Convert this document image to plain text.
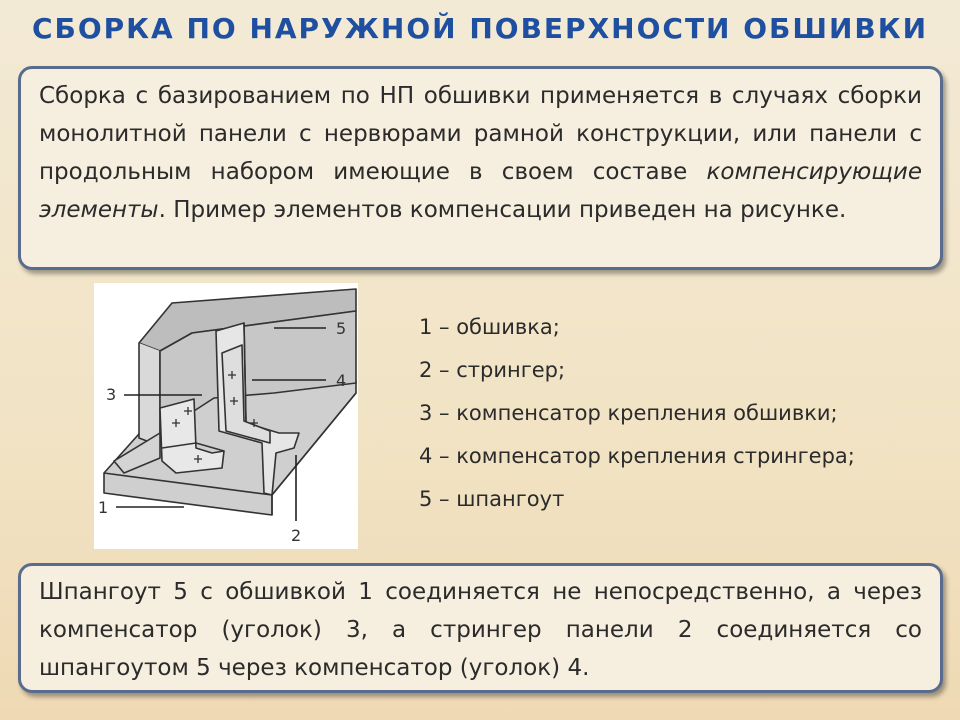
СБОРКА ПО НАРУЖНОЙ ПОВЕРХНОСТИ ОБШИВКИ

Сборка с базированием по НП обшивки применяется в случаях сборки монолитной панели с нервюрами рамной конструкции, или панели с продольным набором имеющие в своем составе компенсирующие элементы. Пример элементов компенсации приведен на рисунке.

5
4
3
1
2
1 – обшивка;
2 – стрингер;
3 – компенсатор крепления обшивки;
4 – компенсатор крепления стрингера;
5 – шпангоут

Шпангоут 5 с обшивкой 1 соединяется не непосредственно, а через компенсатор (уголок) 3, а стрингер панели 2 соединяется со шпангоутом 5 через компенсатор (уголок) 4.
